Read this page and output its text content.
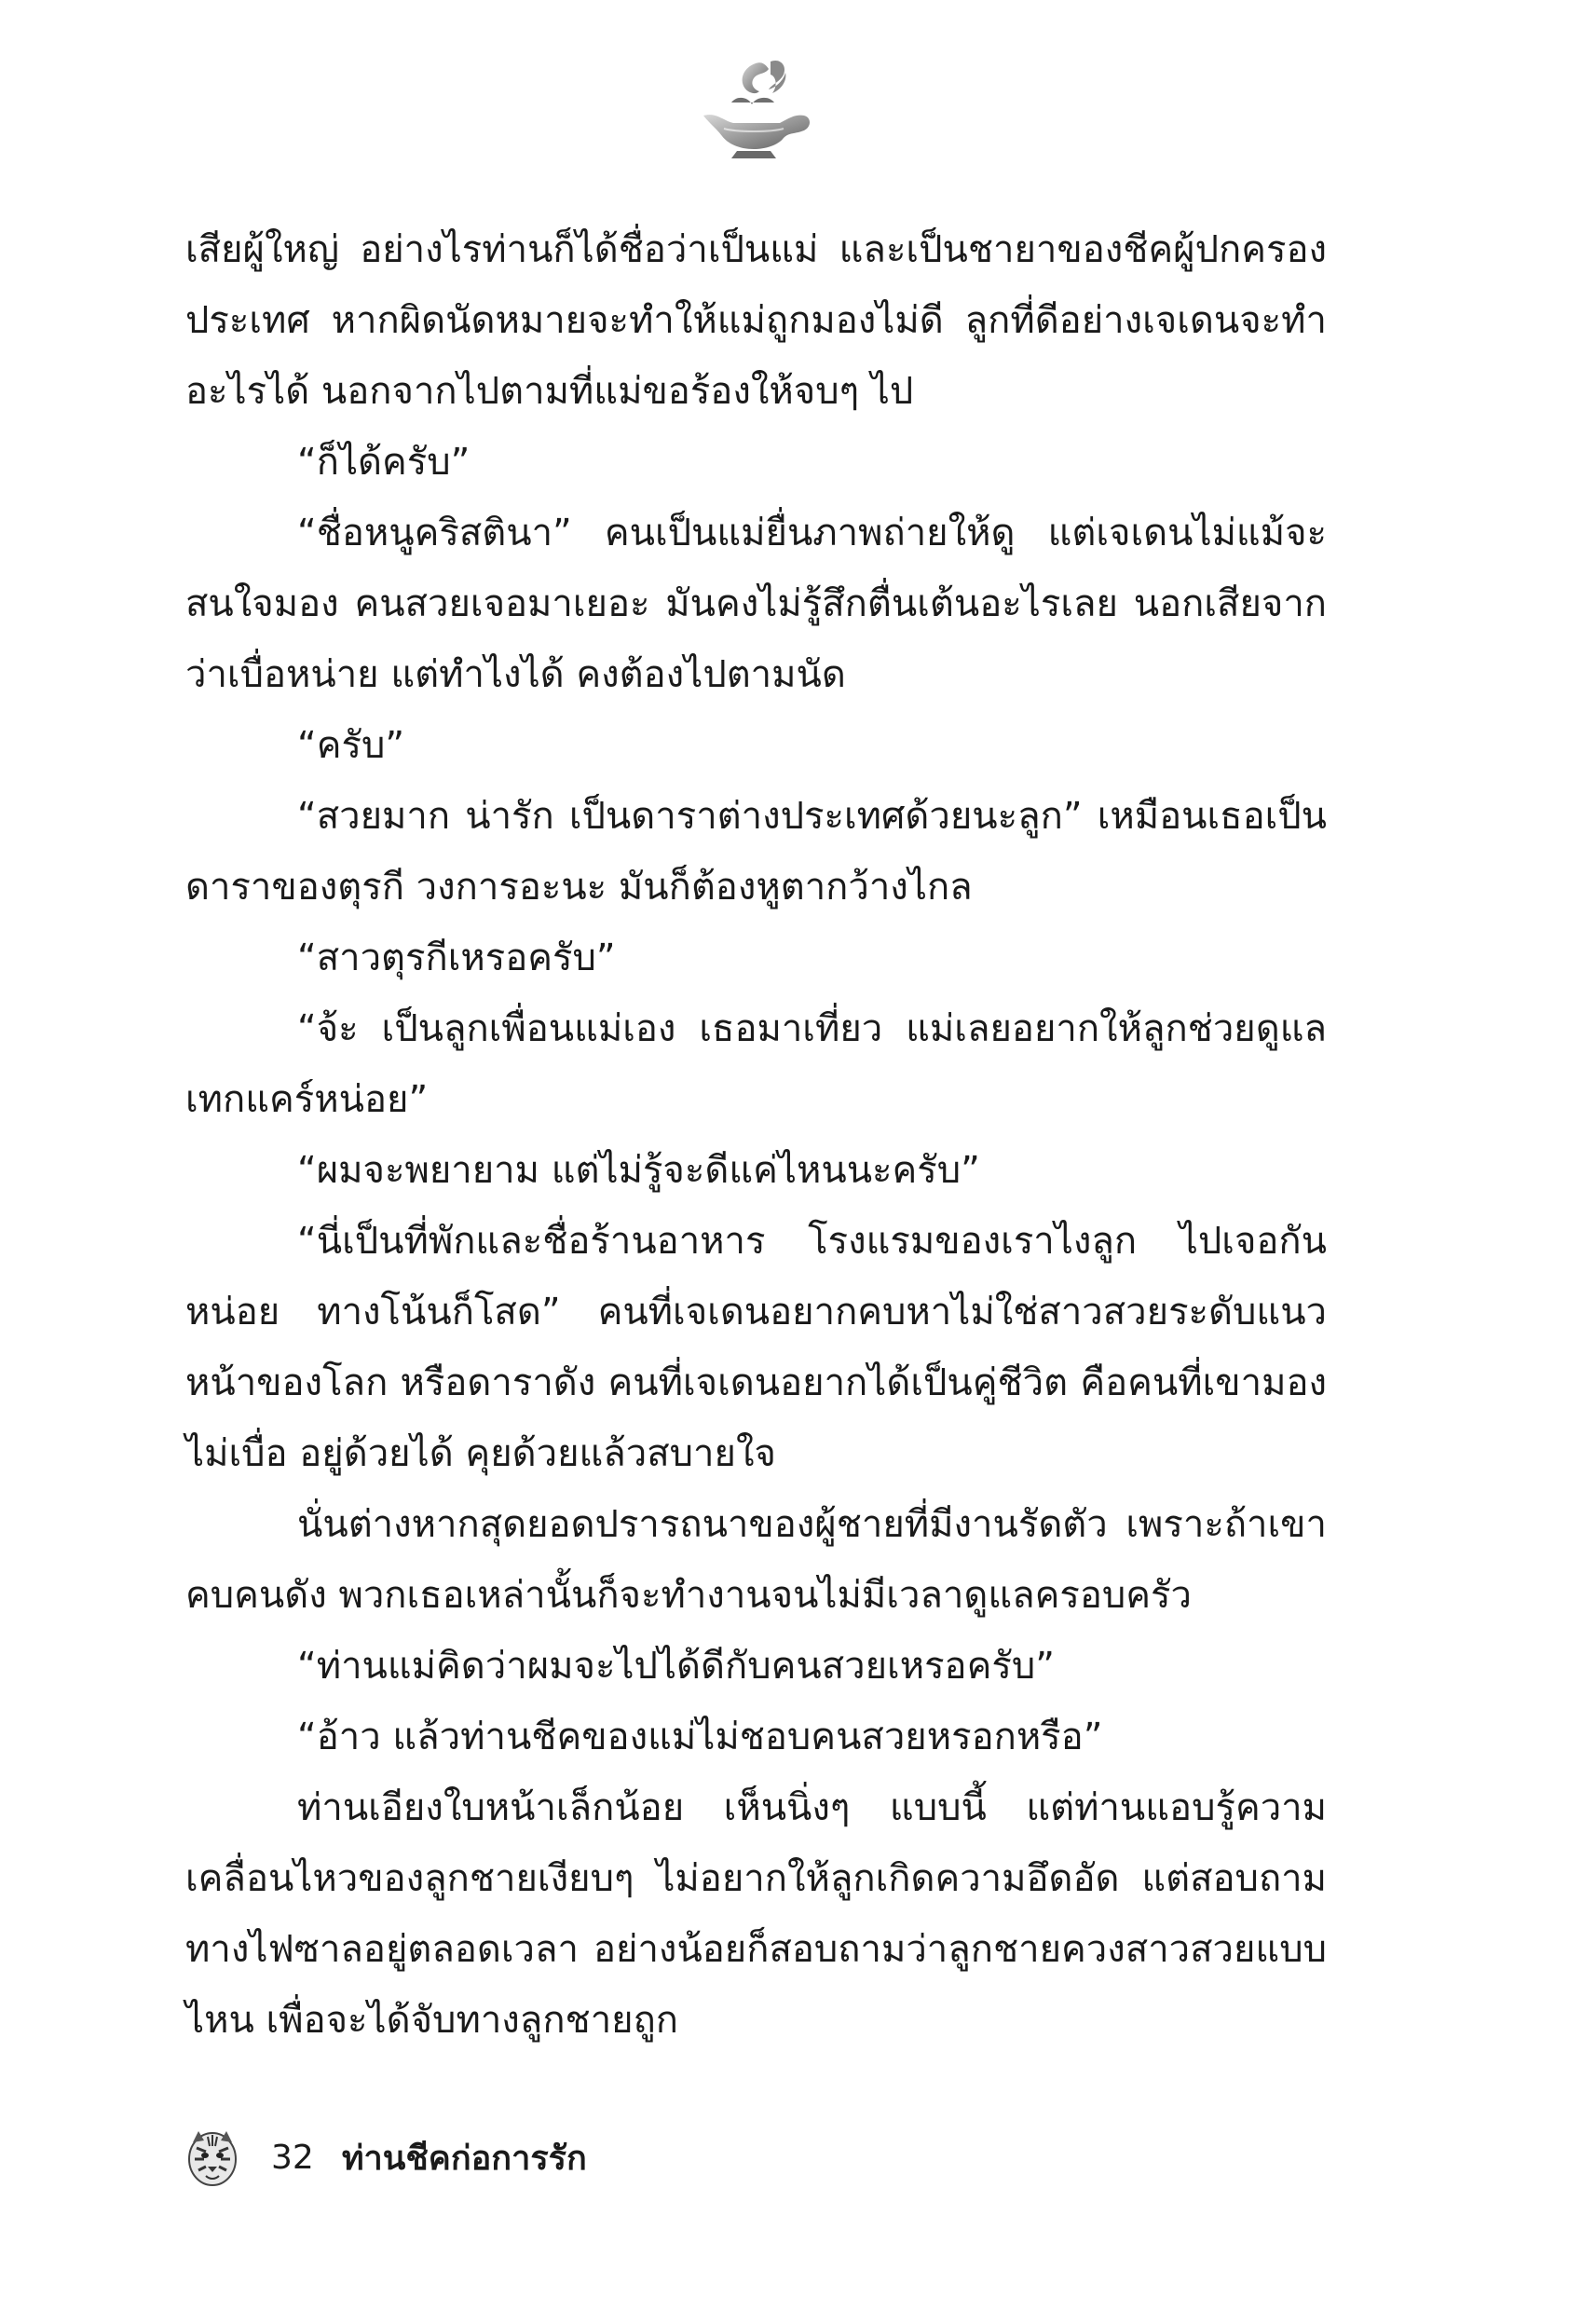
เสียผู้ใหญ่ อย่างไรท่านก็ได้ชื่อว่าเป็นแม่ และเป็นชายาของชีคผู้ปกครองประเทศ หากผิดนัดหมายจะทำให้แม่ถูกมองไม่ดี ลูกที่ดีอย่างเจเดนจะทำอะไรได้ นอกจากไปตามที่แม่ขอร้องให้จบๆ ไป

“ก็ได้ครับ”

“ชื่อหนูคริสตินา” คนเป็นแม่ยื่นภาพถ่ายให้ดู แต่เจเดนไม่แม้จะสนใจมอง คนสวยเจอมาเยอะ มันคงไม่รู้สึกตื่นเต้นอะไรเลย นอกเสียจากว่าเบื่อหน่าย แต่ทำไงได้ คงต้องไปตามนัด

“ครับ”

“สวยมาก น่ารัก เป็นดาราต่างประเทศด้วยนะลูก” เหมือนเธอเป็นดาราของตุรกี วงการอะนะ มันก็ต้องหูตากว้างไกล

“สาวตุรกีเหรอครับ”

“จ้ะ เป็นลูกเพื่อนแม่เอง เธอมาเที่ยว แม่เลยอยากให้ลูกช่วยดูแลเทกแคร์หน่อย”

“ผมจะพยายาม แต่ไม่รู้จะดีแค่ไหนนะครับ”

“นี่เป็นที่พักและชื่อร้านอาหาร โรงแรมของเราไงลูก ไปเจอกันหน่อย ทางโน้นก็โสด” คนที่เจเดนอยากคบหาไม่ใช่สาวสวยระดับแนวหน้าของโลก หรือดาราดัง คนที่เจเดนอยากได้เป็นคู่ชีวิต คือคนที่เขามองไม่เบื่อ อยู่ด้วยได้ คุยด้วยแล้วสบายใจ

นั่นต่างหากสุดยอดปรารถนาของผู้ชายที่มีงานรัดตัว เพราะถ้าเขาคบคนดัง พวกเธอเหล่านั้นก็จะทำงานจนไม่มีเวลาดูแลครอบครัว

“ท่านแม่คิดว่าผมจะไปได้ดีกับคนสวยเหรอครับ”

“อ้าว แล้วท่านชีคของแม่ไม่ชอบคนสวยหรอกหรือ”

ท่านเอียงใบหน้าเล็กน้อย เห็นนิ่งๆ แบบนี้ แต่ท่านแอบรู้ความเคลื่อนไหวของลูกชายเงียบๆ ไม่อยากให้ลูกเกิดความอึดอัด แต่สอบถามทางไฟซาลอยู่ตลอดเวลา อย่างน้อยก็สอบถามว่าลูกชายควงสาวสวยแบบไหน เพื่อจะได้จับทางลูกชายถูก

32 ท่านชีคก่อการรัก
